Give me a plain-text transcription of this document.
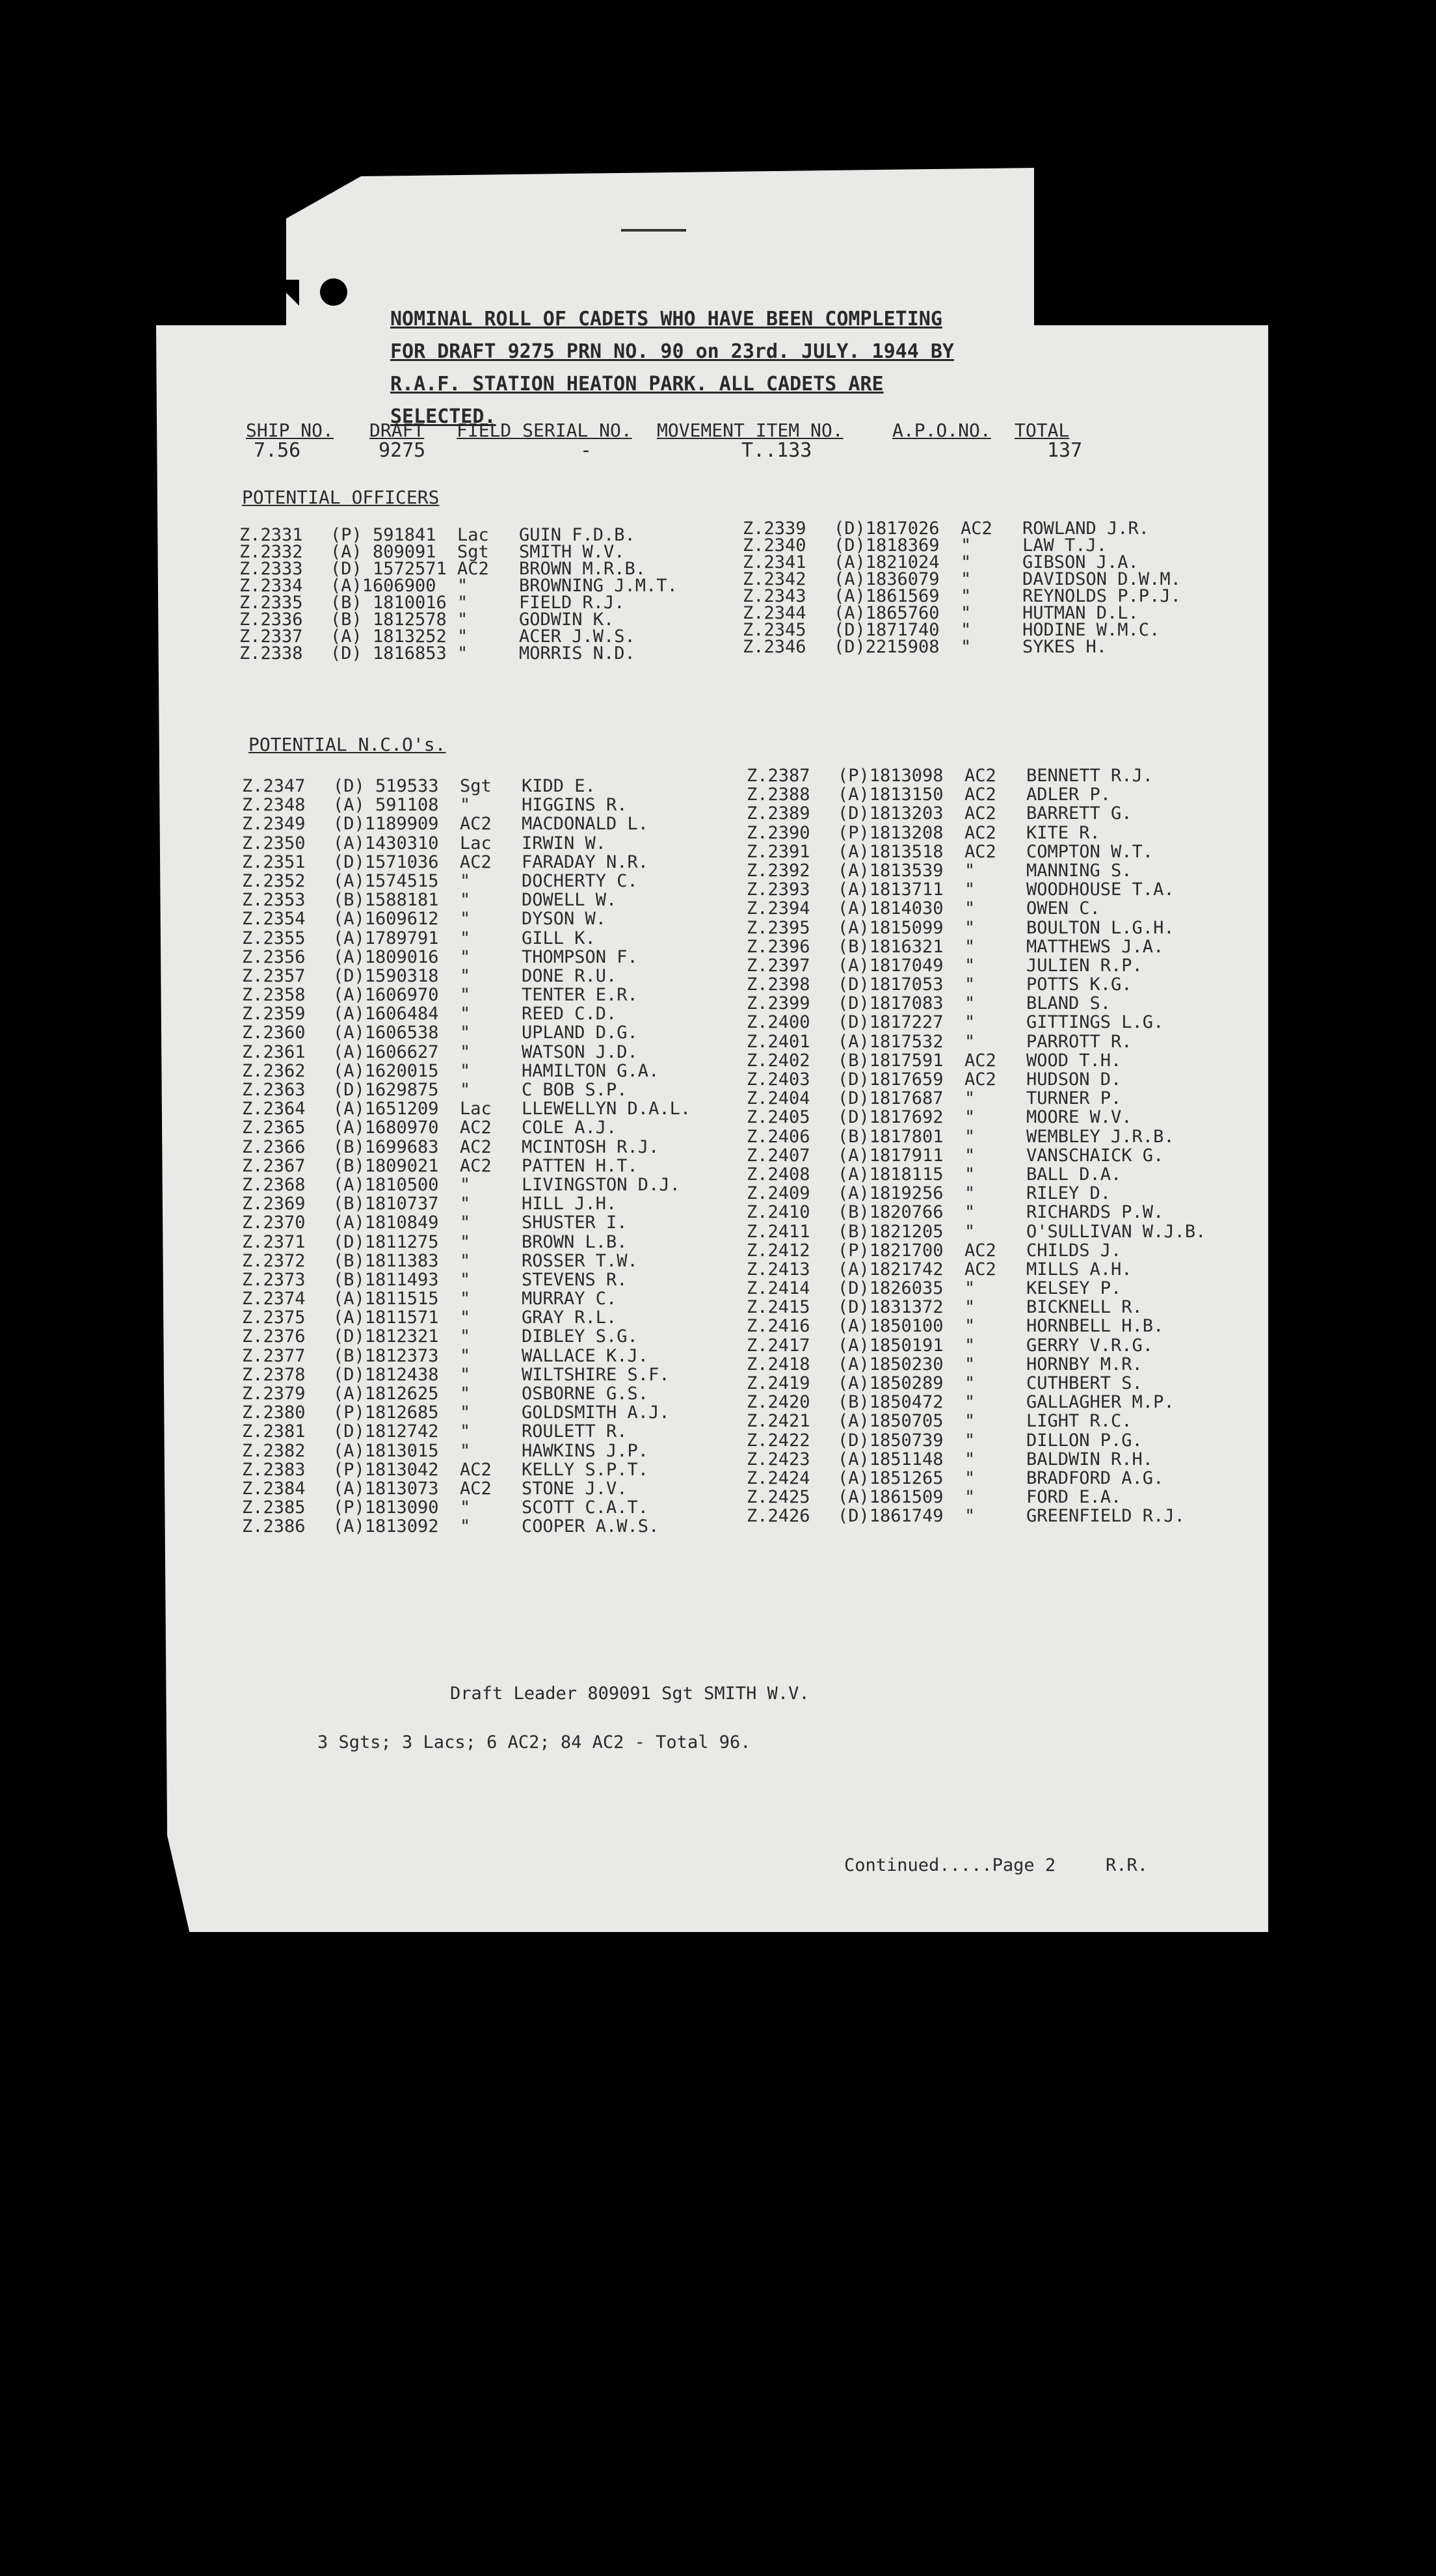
NOMINAL ROLL OF CADETS WHO HAVE BEEN COMPLETING FOR DRAFT 9275 PRN NO. 90 on 23rd. JULY. 1944 BY R.A.F. STATION HEATON PARK. ALL CADETS ARE SELECTED.
SHIP NO. DRAFT FIELD SERIAL NO. MOVEMENT ITEM NO.	A.P.O.NO. TOTAL
7.56	9275	-	T..133	137
POTENTIAL OFFICERS
POTENTIAL N.C.O's.
Z.2331 (P) 591841 Lac GUIN F.D.B.
Z.2332 (A) 809091 Sgt SMITH W.V.
Z.2333 (D) 1572571 AC2 BROWN M.R.B.
Z.2334 (A)1606900 "	BROWNING J.M.T.
Z.2335 (B) 1810016 "	FIELD R.J.
Z.2336 (B) 1812578 "	GODWIN K.
Z.2337 (A) 1813252 "	ACER J.W.S.
Z.2338 (D) 1816853 "	MORRIS N.D.
Z.2339 (D)1817026 AC2 ROWLAND J.R.
Z.2340 (D)1818369 "	LAW T.J.
Z.2341 (A)1821024 "	GIBSON J.A.
Z.2342 (A)1836079 "	DAVIDSON D.W.M.
Z.2343 (A)1861569 "	REYNOLDS P.P.J.
Z.2344 (A)1865760 "	HUTMAN D.L.
Z.2345 (D)1871740 "	HODINE W.M.C.
Z.2346 (D)2215908 "	SYKES H.
Z.2347 (D) 519533 Sgt KIDD E.
Z.2348 (A) 591108 "	HIGGINS R.
Z.2349 (D)1189909 AC2 MACDONALD L.
Z.2350 (A)1430310 Lac IRWIN W.
Z.2351 (D)1571036 AC2 FARADAY N.R.
Z.2352 (A)1574515 "	DOCHERTY C.
Z.2353 (B)1588181 "	DOWELL W.
Z.2354 (A)1609612 "	DYSON W.
Z.2355 (A)1789791 "	GILL K.
Z.2356 (A)1809016 "	THOMPSON F.
Z.2357 (D)1590318 "	DONE R.U.
Z.2358 (A)1606970 "	TENTER E.R.
Z.2359 (A)1606484 "	REED C.D.
Z.2360 (A)1606538 "	UPLAND D.G.
Z.2361 (A)1606627 "	WATSON J.D.
Z.2362 (A)1620015 "	HAMILTON G.A.
Z.2363 (D)1629875 "	C BOB S.P.
Z.2364 (A)1651209 Lac LLEWELLYN D.A.L.
Z.2365 (A)1680970 AC2 COLE A.J.
Z.2366 (B)1699683 AC2 MCINTOSH R.J.
Z.2367 (B)1809021 AC2 PATTEN H.T.
Z.2368 (A)1810500 "	LIVINGSTON D.J.
Z.2369 (B)1810737 "	HILL J.H.
Z.2370 (A)1810849 "	SHUSTER I.
Z.2371 (D)1811275 "	BROWN L.B.
Z.2372 (B)1811383 "	ROSSER T.W.
Z.2373 (B)1811493 "	STEVENS R.
Z.2374 (A)1811515 "	MURRAY C.
Z.2375 (A)1811571 "	GRAY R.L.
Z.2376 (D)1812321 "	DIBLEY S.G.
Z.2377 (B)1812373 "	WALLACE K.J.
Z.2378 (D)1812438 "	WILTSHIRE S.F.
Z.2379 (A)1812625 "	OSBORNE G.S.
Z.2380 (P)1812685 "	GOLDSMITH A.J.
Z.2381 (D)1812742 "	ROULETT R.
Z.2382 (A)1813015 "	HAWKINS J.P.
Z.2383 (P)1813042 AC2 KELLY S.P.T.
Z.2384 (A)1813073 AC2 STONE J.V.
Z.2385 (P)1813090 "	SCOTT C.A.T.
Z.2386 (A)1813092 "	COOPER A.W.S.
Z.2387 (P)1813098 AC2 BENNETT R.J.
Z.2388 (A)1813150 AC2 ADLER P.
Z.2389 (D)1813203 AC2 BARRETT G.
Z.2390 (P)1813208 AC2 KITE R.
Z.2391 (A)1813518 AC2 COMPTON W.T.
Z.2392 (A)1813539 "	MANNING S.
Z.2393 (A)1813711 "	WOODHOUSE T.A.
Z.2394 (A)1814030 "	OWEN C.
Z.2395 (A)1815099 "	BOULTON L.G.H.
Z.2396 (B)1816321 "	MATTHEWS J.A.
Z.2397 (A)1817049 "	JULIEN R.P.
Z.2398 (D)1817053 "	POTTS K.G.
Z.2399 (D)1817083 "	BLAND S.
Z.2400 (D)1817227 "	GITTINGS L.G.
Z.2401 (A)1817532 "	PARROTT R.
Z.2402 (B)1817591 AC2 WOOD T.H.
Z.2403 (D)1817659 AC2 HUDSON D.
Z.2404 (D)1817687 "	TURNER P.
Z.2405 (D)1817692 "	MOORE W.V.
Z.2406 (B)1817801 "	WEMBLEY J.R.B.
Z.2407 (A)1817911 "	VANSCHAICK G.
Z.2408 (A)1818115 "	BALL D.A.
Z.2409 (A)1819256 "	RILEY D.
Z.2410 (B)1820766 "	RICHARDS P.W.
Z.2411 (B)1821205 "	O'SULLIVAN W.J.B.
Z.2412 (P)1821700 AC2 CHILDS J.
Z.2413 (A)1821742 AC2 MILLS A.H.
Z.2414 (D)1826035 "	KELSEY P.
Z.2415 (D)1831372 "	BICKNELL R.
Z.2416 (A)1850100 "	HORNBELL H.B.
Z.2417 (A)1850191 "	GERRY V.R.G.
Z.2418 (A)1850230 "	HORNBY M.R.
Z.2419 (A)1850289 "	CUTHBERT S.
Z.2420 (B)1850472 "	GALLAGHER M.P.
Z.2421 (A)1850705 "	LIGHT R.C.
Z.2422 (D)1850739 "	DILLON P.G.
Z.2423 (A)1851148 "	BALDWIN R.H.
Z.2424 (A)1851265 "	BRADFORD A.G.
Z.2425 (A)1861509 "	FORD E.A.
Z.2426 (D)1861749 "	GREENFIELD R.J.
Draft Leader 809091 Sgt SMITH W.V.
3 Sgts; 3 Lacs; 6 AC2; 84 AC2 - Total 96.
Continued.....Page 2	R.R.
